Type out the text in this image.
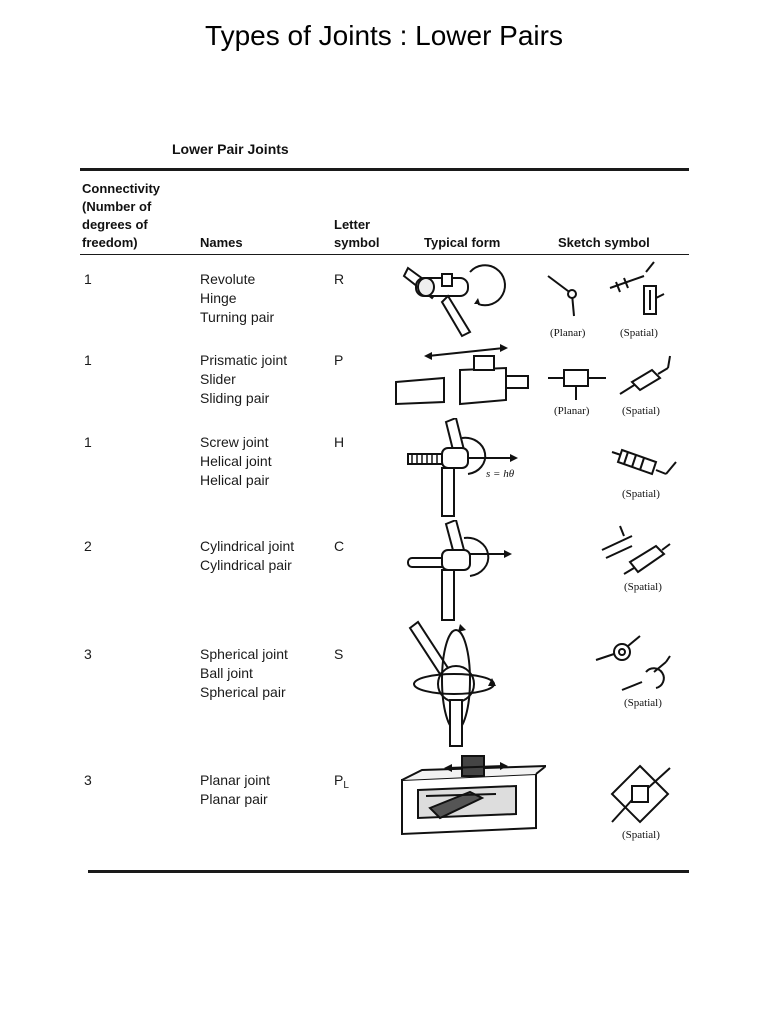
Types of Joints : Lower Pairs
Lower Pair Joints
Connectivity
(Number of
degrees of
freedom)	Names
Letter
symbol	Typical form	Sketch symbol
1	Revolute
Hinge
Turning pair
R
(Planar)	(Spatial)
1	Prismatic joint
Slider
Sliding pair
P
(Planar)	(Spatial)
1	Screw joint
Helical joint
Helical pair
H
s = hθ
(Spatial)
2	Cylindrical joint
Cylindrical pair
C
(Spatial)
3	Spherical joint
Ball joint
Spherical pair
S
(Spatial)
3	Planar joint
Planar pair
$P_L$
(Spatial)
